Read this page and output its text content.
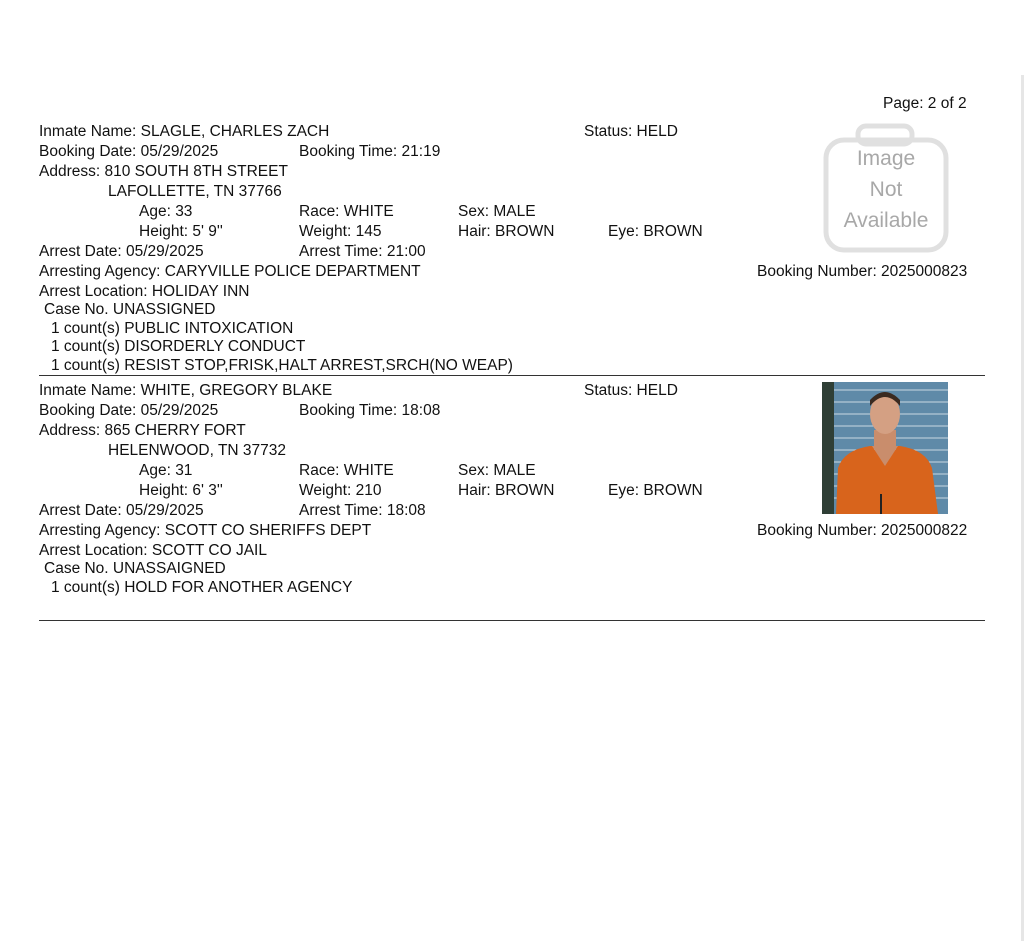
Page: 2 of 2
Inmate Name: SLAGLE, CHARLES ZACH	Status: HELD
Booking Date: 05/29/2025	Booking Time: 21:19
Address: 810 SOUTH 8TH STREET
LAFOLLETTE, TN 37766
Age: 33	Race: WHITE	Sex: MALE
Height: 5' 9''	Weight: 145	Hair: BROWN	Eye: BROWN
Arrest Date: 05/29/2025	Arrest Time: 21:00
Arresting Agency: CARYVILLE POLICE DEPARTMENT	Booking Number: 2025000823
Arrest Location: HOLIDAY INN
Case No. UNASSIGNED
1 count(s) PUBLIC INTOXICATION
1 count(s) DISORDERLY CONDUCT
1 count(s) RESIST STOP,FRISK,HALT ARREST,SRCH(NO WEAP)
Image
Not
Available
Inmate Name: WHITE, GREGORY BLAKE	Status: HELD
Booking Date: 05/29/2025	Booking Time: 18:08
Address: 865 CHERRY FORT
HELENWOOD, TN 37732
Age: 31	Race: WHITE	Sex: MALE
Height: 6' 3''	Weight: 210	Hair: BROWN	Eye: BROWN
Arrest Date: 05/29/2025	Arrest Time: 18:08
Arresting Agency: SCOTT CO SHERIFFS DEPT	Booking Number: 2025000822
Arrest Location: SCOTT CO JAIL
Case No. UNASSAIGNED
1 count(s) HOLD FOR ANOTHER AGENCY
